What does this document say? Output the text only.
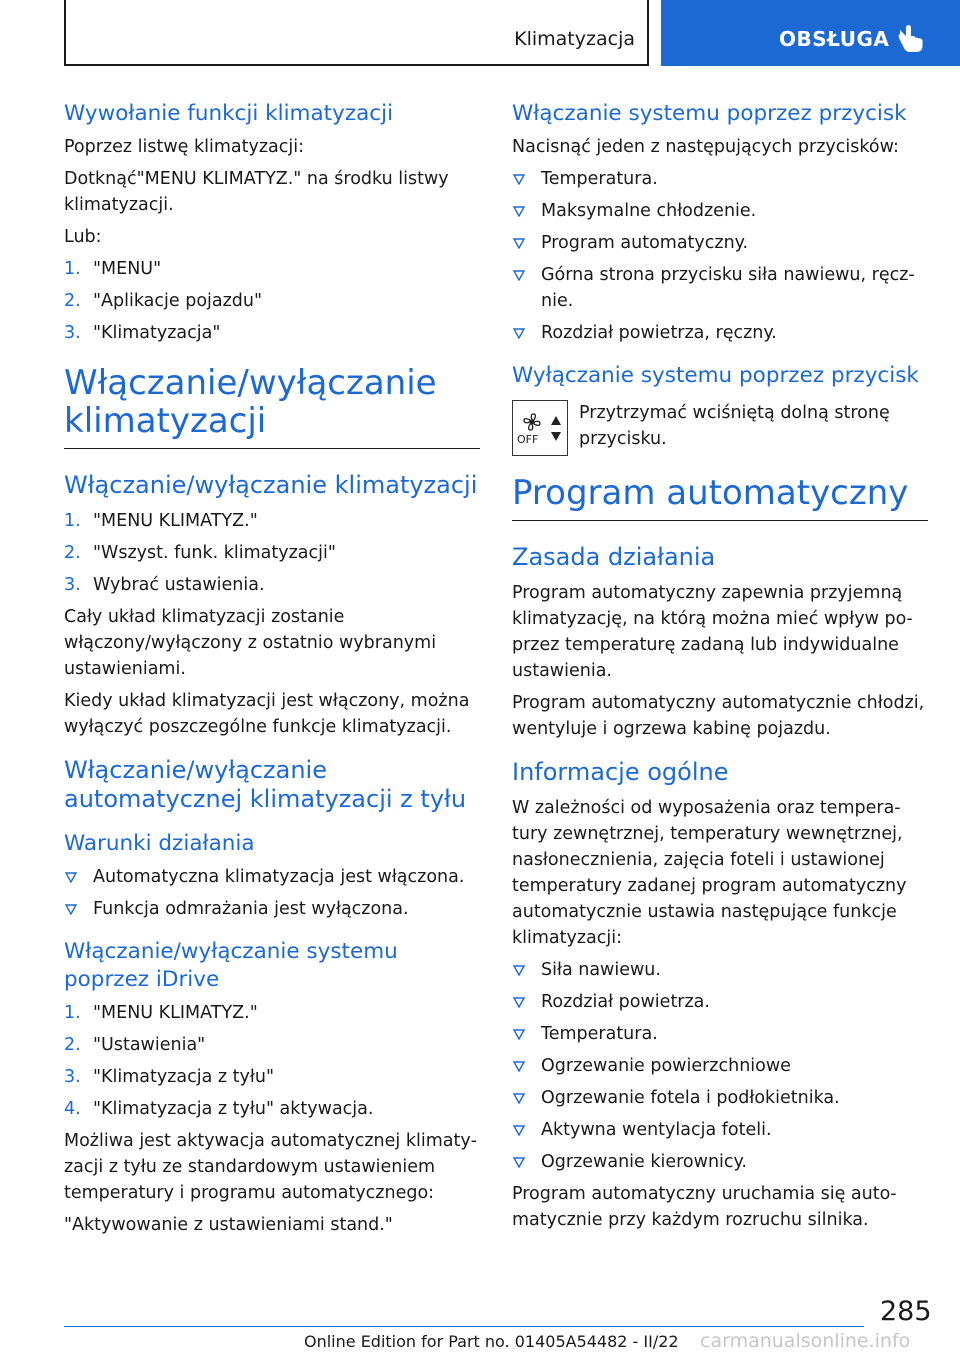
Klimatyzacja	OBSŁUGA
Wywołanie funkcji klimatyzacji

Poprzez listwę klimatyzacji:

Dotknąć"MENU KLIMATYZ." na środku listwy klimatyzacji.

Lub:

1. "MENU"
2. "Aplikacje pojazdu"
3. "Klimatyzacja"
Włączanie/wyłączanie klimatyzacji
Włączanie/wyłączanie klimatyzacji
1. "MENU KLIMATYZ."
2. "Wszyst. funk. klimatyzacji"
3. Wybrać ustawienia.

Cały układ klimatyzacji zostanie włączony/wyłączony z ostatnio wybranymi ustawieniami.

Kiedy układ klimatyzacji jest włączony, można wyłączyć poszczególne funkcje klimatyzacji.

Włączanie/wyłączanie automatycznej klimatyzacji z tyłu
Warunki działania
Automatyczna klimatyzacja jest włączona.
Funkcja odmrażania jest wyłączona.
Włączanie/wyłączanie systemu poprzez iDrive
1. "MENU KLIMATYZ."
2. "Ustawienia"
3. "Klimatyzacja z tyłu"
4. "Klimatyzacja z tyłu" aktywacja.

Możliwa jest aktywacja automatycznej klimatyzacji z tyłu ze standardowym ustawieniem temperatury i programu automatycznego:

"Aktywowanie z ustawieniami stand."

Włączanie systemu poprzez przycisk

Nacisnąć jeden z następujących przycisków:

Temperatura.
Maksymalne chłodzenie.
Program automatyczny.
Górna strona przycisku siła nawiewu, ręcznie.
Rozdział powietrza, ręczny.
Wyłączanie systemu poprzez przycisk
OFF
Przytrzymać wciśniętą dolną stronę przycisku.
Program automatyczny
Zasada działania

Program automatyczny zapewnia przyjemną klimatyzację, na którą można mieć wpływ poprzez temperaturę zadaną lub indywidualne ustawienia.

Program automatyczny automatycznie chłodzi, wentyluje i ogrzewa kabinę pojazdu.

Informacje ogólne

W zależności od wyposażenia oraz temperatury zewnętrznej, temperatury wewnętrznej, nasłonecznienia, zajęcia foteli i ustawionej temperatury zadanej program automatyczny automatycznie ustawia następujące funkcje klimatyzacji:

Siła nawiewu.
Rozdział powietrza.
Temperatura.
Ogrzewanie powierzchniowe
Ogrzewanie fotela i podłokietnika.
Aktywna wentylacja foteli.
Ogrzewanie kierownicy.

Program automatyczny uruchamia się automatycznie przy każdym rozruchu silnika.

285
Online Edition for Part no. 01405A54482 - II/22 carmanualsonline.info
